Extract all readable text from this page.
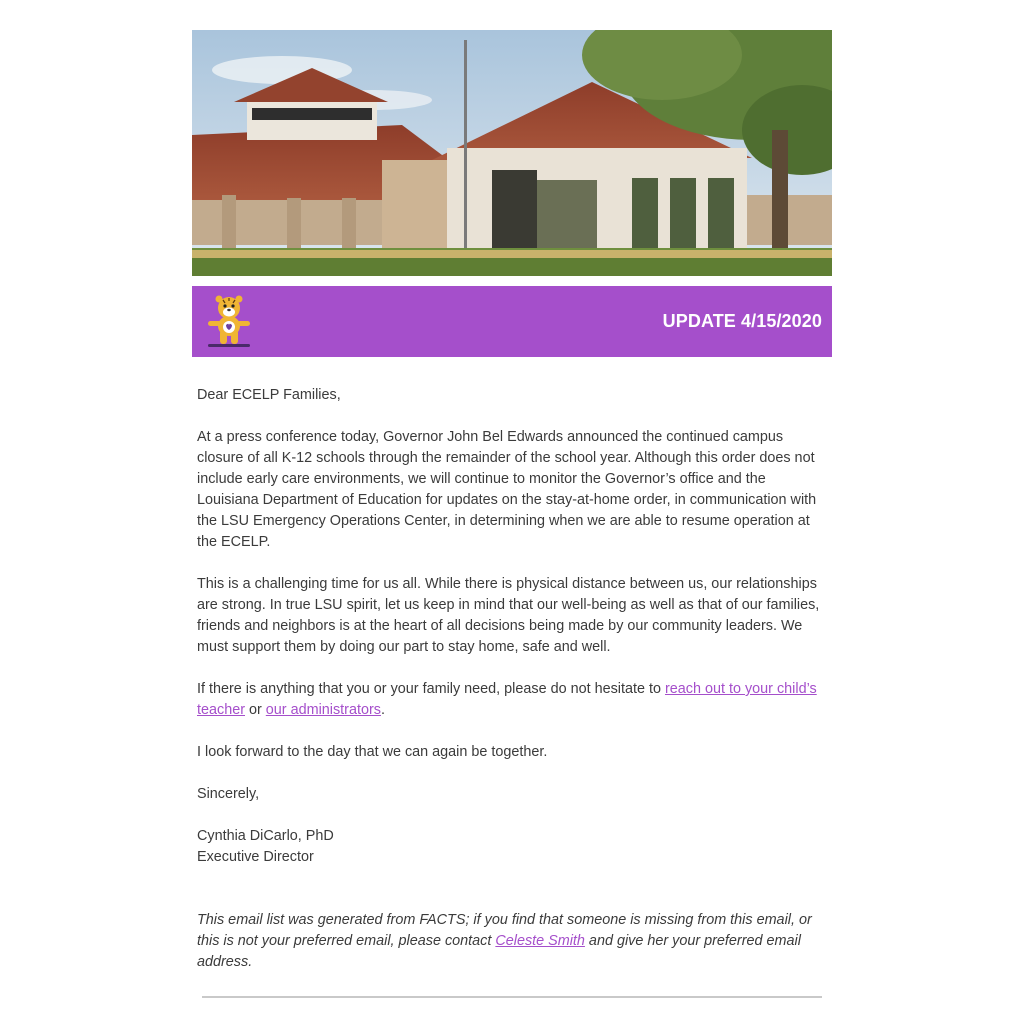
UPDATE 4/15/2020

Dear ECELP Families,

At a press conference today, Governor John Bel Edwards announced the continued campus closure of all K-12 schools through the remainder of the school year. Although this order does not include early care environments, we will continue to monitor the Governor’s office and the Louisiana Department of Education for updates on the stay-at-home order, in communication with the LSU Emergency Operations Center, in determining when we are able to resume operation at the ECELP.

This is a challenging time for us all. While there is physical distance between us, our relationships are strong. In true LSU spirit, let us keep in mind that our well-being as well as that of our families, friends and neighbors is at the heart of all decisions being made by our community leaders. We must support them by doing our part to stay home, safe and well.

If there is anything that you or your family need, please do not hesitate to reach out to your child’s teacher or our administrators.

I look forward to the day that we can again be together.

Sincerely,

Cynthia DiCarlo, PhD
Executive Director

This email list was generated from FACTS; if you find that someone is missing from this email, or this is not your preferred email, please contact Celeste Smith and give her your preferred email address.
